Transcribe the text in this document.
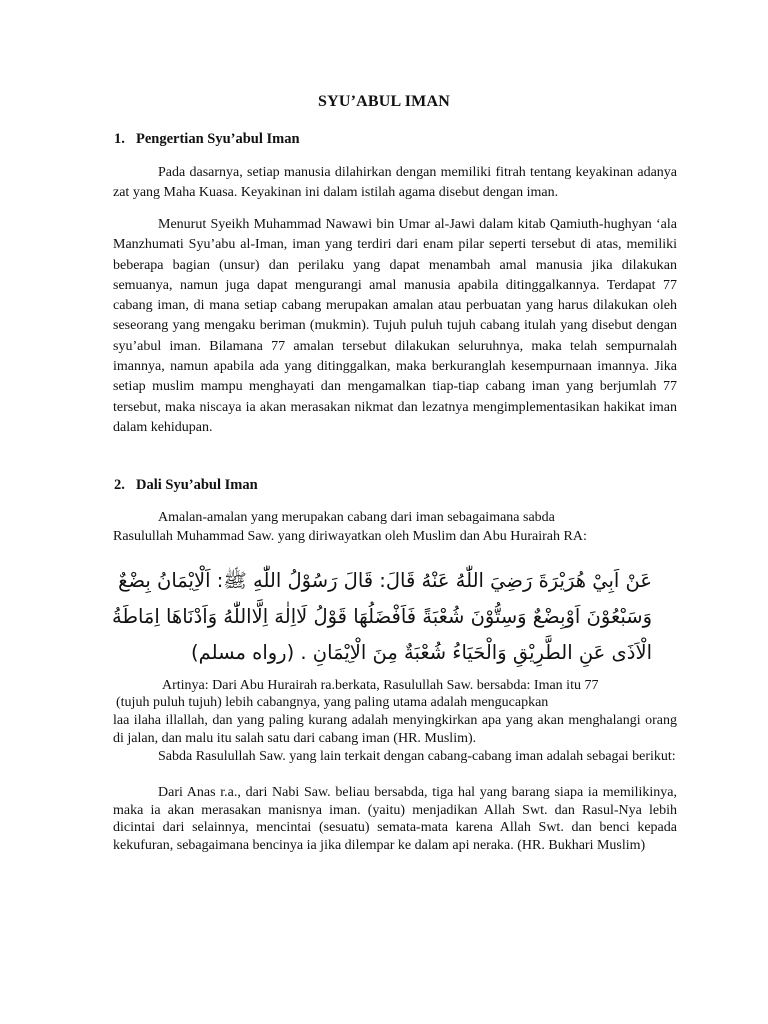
SYU’ABUL IMAN
1. Pengertian Syu’abul Iman

Pada dasarnya, setiap manusia dilahirkan dengan memiliki fitrah tentang keyakinan adanya zat yang Maha Kuasa. Keyakinan ini dalam istilah agama disebut dengan iman.

Menurut Syeikh Muhammad Nawawi bin Umar al-Jawi dalam kitab Qamiuth-hughyan ‘ala Manzhumati Syu’abu al-Iman, iman yang terdiri dari enam pilar seperti tersebut di atas, memiliki beberapa bagian (unsur) dan perilaku yang dapat menambah amal manusia jika dilakukan semuanya, namun juga dapat mengurangi amal manusia apabila ditinggalkannya. Terdapat 77 cabang iman, di mana setiap cabang merupakan amalan atau perbuatan yang harus dilakukan oleh seseorang yang mengaku beriman (mukmin). Tujuh puluh tujuh cabang itulah yang disebut dengan syu’abul iman. Bilamana 77 amalan tersebut dilakukan seluruhnya, maka telah sempurnalah imannya, namun apabila ada yang ditinggalkan, maka berkuranglah kesempurnaan imannya. Jika setiap muslim mampu menghayati dan mengamalkan tiap-tiap cabang iman yang berjumlah 77 tersebut, maka niscaya ia akan merasakan nikmat dan lezatnya mengimplementasikan hakikat iman dalam kehidupan.

2. Dali Syu’abul Iman
Amalan-amalan yang merupakan cabang dari iman sebagaimana sabda
Rasulullah Muhammad Saw. yang diriwayatkan oleh Muslim dan Abu Hurairah RA:
عَنْ اَبِيْ هُرَيْرَةَ رَضِيَ اللّٰهُ عَنْهُ قَالَ: قَالَ رَسُوْلُ اللّٰهِ ﷺ: اَلْاِيْمَانُ بِضْعٌ وَسَبْعُوْنَ اَوْبِضْعٌ وَسِتُّوْنَ شُعْبَةً فَاَفْضَلُهَا قَوْلُ لَااِلٰهَ اِلَّااللّٰهُ وَاَدْنَاهَا اِمَاطَةُ الْاَذَى عَنِ الطَّرِيْقِ وَالْحَيَاءُ شُعْبَةٌ مِنَ الْاِيْمَانِ . (رواه مسلم)
Artinya: Dari Abu Hurairah ra.berkata, Rasulullah Saw. bersabda: Iman itu 77
(tujuh puluh tujuh) lebih cabangnya, yang paling utama adalah mengucapkan

laa ilaha illallah, dan yang paling kurang adalah menyingkirkan apa yang akan menghalangi orang di jalan, dan malu itu salah satu dari cabang iman (HR. Muslim).

Sabda Rasulullah Saw. yang lain terkait dengan cabang-cabang iman adalah sebagai berikut:

Dari Anas r.a., dari Nabi Saw. beliau bersabda, tiga hal yang barang siapa ia memilikinya, maka ia akan merasakan manisnya iman. (yaitu) menjadikan Allah Swt. dan Rasul-Nya lebih dicintai dari selainnya, mencintai (sesuatu) semata-mata karena Allah Swt. dan benci kepada kekufuran, sebagaimana bencinya ia jika dilempar ke dalam api neraka. (HR. Bukhari Muslim)
